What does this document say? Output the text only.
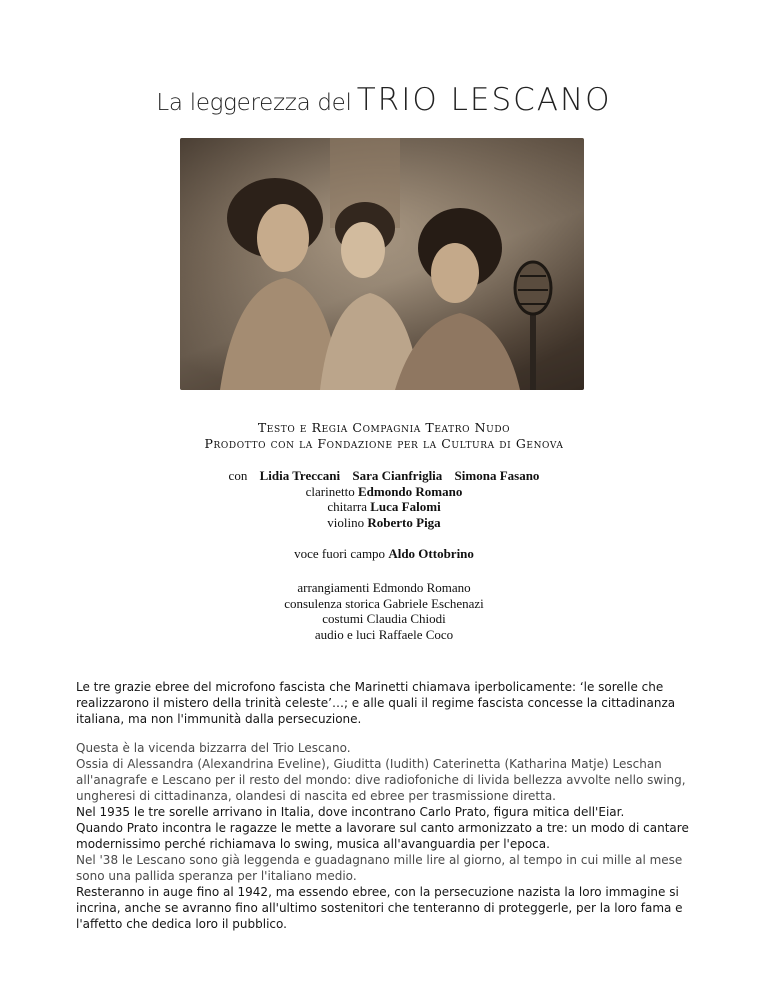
La leggerezza del TRIO LESCANO
Testo e Regia Compagnia Teatro Nudo
Prodotto con la Fondazione per la Cultura di Genova
con Lidia Treccani Sara Cianfriglia Simona Fasano
clarinetto Edmondo Romano
chitarra Luca Falomi
violino Roberto Piga
voce fuori campo Aldo Ottobrino
arrangiamenti Edmondo Romano
consulenza storica Gabriele Eschenazi
costumi Claudia Chiodi
audio e luci Raffaele Coco
Le tre grazie ebree del microfono fascista che Marinetti chiamava iperbolicamente: ‘le sorelle che realizzarono il mistero della trinità celeste’…; e alle quali il regime fascista concesse la cittadinanza italiana, ma non l'immunità dalla persecuzione.
Questa è la vicenda bizzarra del Trio Lescano.
Ossia di Alessandra (Alexandrina Eveline), Giuditta (Iudith) Caterinetta (Katharina Matje) Leschan all'anagrafe e Lescano per il resto del mondo: dive radiofoniche di livida bellezza avvolte nello swing, ungheresi di cittadinanza, olandesi di nascita ed ebree per trasmissione diretta.
Nel 1935 le tre sorelle arrivano in Italia, dove incontrano Carlo Prato, figura mitica dell'Eiar.
Quando Prato incontra le ragazze le mette a lavorare sul canto armonizzato a tre: un modo di cantare modernissimo perché richiamava lo swing, musica all'avanguardia per l'epoca.
Nel '38 le Lescano sono già leggenda e guadagnano mille lire al giorno, al tempo in cui mille al mese sono una pallida speranza per l'italiano medio.
Resteranno in auge fino al 1942, ma essendo ebree, con la persecuzione nazista la loro immagine si incrina, anche se avranno fino all'ultimo sostenitori che tenteranno di proteggerle, per la loro fama e l'affetto che dedica loro il pubblico.
